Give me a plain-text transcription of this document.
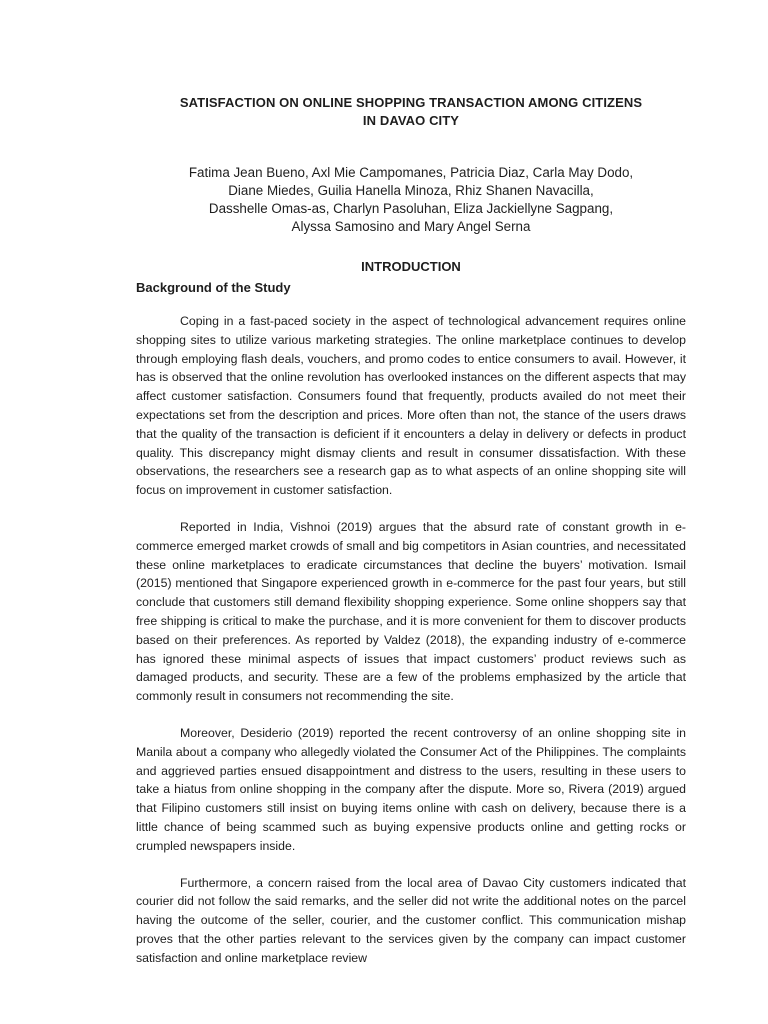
SATISFACTION ON ONLINE SHOPPING TRANSACTION AMONG CITIZENS
IN DAVAO CITY
Fatima Jean Bueno, Axl Mie Campomanes, Patricia Diaz, Carla May Dodo,
Diane Miedes, Guilia Hanella Minoza, Rhiz Shanen Navacilla,
Dasshelle Omas-as, Charlyn Pasoluhan, Eliza Jackiellyne Sagpang,
Alyssa Samosino and Mary Angel Serna
INTRODUCTION
Background of the Study

Coping in a fast-paced society in the aspect of technological advancement requires online shopping sites to utilize various marketing strategies. The online marketplace continues to develop through employing flash deals, vouchers, and promo codes to entice consumers to avail. However, it has is observed that the online revolution has overlooked instances on the different aspects that may affect customer satisfaction. Consumers found that frequently, products availed do not meet their expectations set from the description and prices. More often than not, the stance of the users draws that the quality of the transaction is deficient if it encounters a delay in delivery or defects in product quality. This discrepancy might dismay clients and result in consumer dissatisfaction. With these observations, the researchers see a research gap as to what aspects of an online shopping site will focus on improvement in customer satisfaction.

Reported in India, Vishnoi (2019) argues that the absurd rate of constant growth in e-commerce emerged market crowds of small and big competitors in Asian countries, and necessitated these online marketplaces to eradicate circumstances that decline the buyers’ motivation. Ismail (2015) mentioned that Singapore experienced growth in e-commerce for the past four years, but still conclude that customers still demand flexibility shopping experience. Some online shoppers say that free shipping is critical to make the purchase, and it is more convenient for them to discover products based on their preferences. As reported by Valdez (2018), the expanding industry of e-commerce has ignored these minimal aspects of issues that impact customers’ product reviews such as damaged products, and security. These are a few of the problems emphasized by the article that commonly result in consumers not recommending the site.

Moreover, Desiderio (2019) reported the recent controversy of an online shopping site in Manila about a company who allegedly violated the Consumer Act of the Philippines. The complaints and aggrieved parties ensued disappointment and distress to the users, resulting in these users to take a hiatus from online shopping in the company after the dispute. More so, Rivera (2019) argued that Filipino customers still insist on buying items online with cash on delivery, because there is a little chance of being scammed such as buying expensive products online and getting rocks or crumpled newspapers inside.

Furthermore, a concern raised from the local area of Davao City customers indicated that courier did not follow the said remarks, and the seller did not write the additional notes on the parcel having the outcome of the seller, courier, and the customer conflict. This communication mishap proves that the other parties relevant to the services given by the company can impact customer satisfaction and online marketplace review
